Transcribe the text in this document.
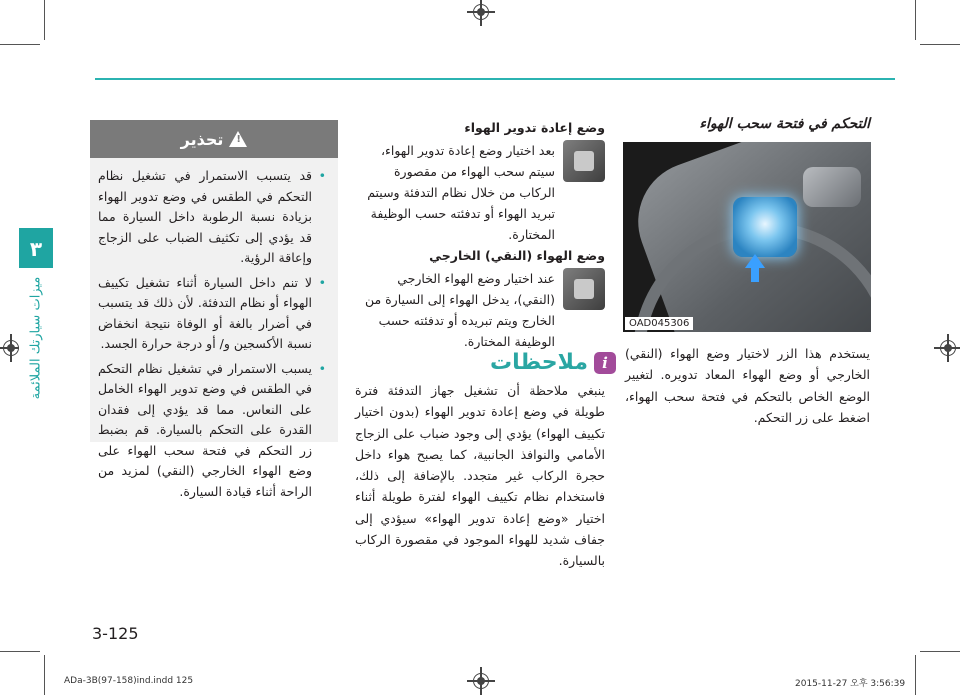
٣
ميزات سيارتك الملائمة
تحذير !
• قد يتسبب الاستمرار في تشغيل نظام التحكم في الطقس في وضع تدوير الهواء بزيادة نسبة الرطوبة داخل السيارة مما قد يؤدي إلى تكثيف الضباب على الزجاج وإعاقة الرؤية.
• لا تنم داخل السيارة أثناء تشغيل تكييف الهواء أو نظام التدفئة. لأن ذلك قد يتسبب في أضرار بالغة أو الوفاة نتيجة انخفاض نسبة الأكسجين و/ أو درجة حرارة الجسد.
• يسبب الاستمرار في تشغيل نظام التحكم في الطقس في وضع تدوير الهواء الخامل على النعاس. مما قد يؤدي إلى فقدان القدرة على التحكم بالسيارة. قم بضبط زر التحكم في فتحة سحب الهواء على وضع الهواء الخارجي (النقي) لمزيد من الراحة أثناء قيادة السيارة.
وضع إعادة تدوير الهواء
بعد اختيار وضع إعادة تدوير الهواء، سيتم سحب الهواء من مقصورة الركاب من خلال نظام التدفئة وسيتم تبريد الهواء أو تدفئته حسب الوظيفة المختارة.
وضع الهواء (النقي) الخارجي
عند اختيار وضع الهواء الخارجي (النقي)، يدخل الهواء إلى السيارة من الخارج ويتم تبريده أو تدفئته حسب الوظيفة المختارة.
i
ملاحظات
ينبغي ملاحظة أن تشغيل جهاز التدفئة فترة طويلة في وضع إعادة تدوير الهواء (بدون اختيار تكييف الهواء) يؤدي إلى وجود ضباب على الزجاج الأمامي والنوافذ الجانبية، كما يصبح هواء داخل حجرة الركاب غير متجدد. بالإضافة إلى ذلك، فاستخدام نظام تكييف الهواء لفترة طويلة أثناء اختيار «وضع إعادة تدوير الهواء» سيؤدي إلى جفاف شديد للهواء الموجود في مقصورة الركاب بالسيارة.
التحكم في فتحة سحب الهواء
OAD045306
يستخدم هذا الزر لاختيار وضع الهواء (النقي) الخارجي أو وضع الهواء المعاد تدويره. لتغيير الوضع الخاص بالتحكم في فتحة سحب الهواء، اضغط على زر التحكم.
3-125
ADa-3B(97-158)ind.indd 125	2015-11-27 오후 3:56:39
